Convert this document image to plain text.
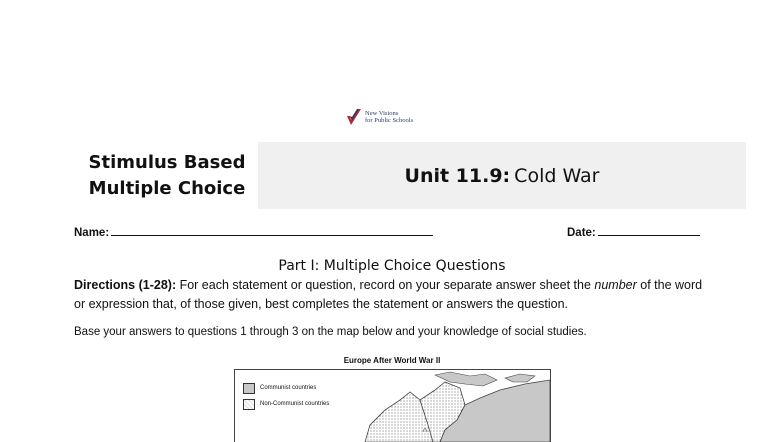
New Visions
for Public Schools
Stimulus Based
Multiple Choice
Unit 11.9: Cold War
Name:	Date:
Part I: Multiple Choice Questions
Directions (1-28): For each statement or question, record on your separate answer sheet the number of the word or expression that, of those given, best completes the statement or answers the question.
Base your answers to questions 1 through 3 on the map below and your knowledge of social studies.
Europe After World War II
Communist countries
Non-Communist countries
